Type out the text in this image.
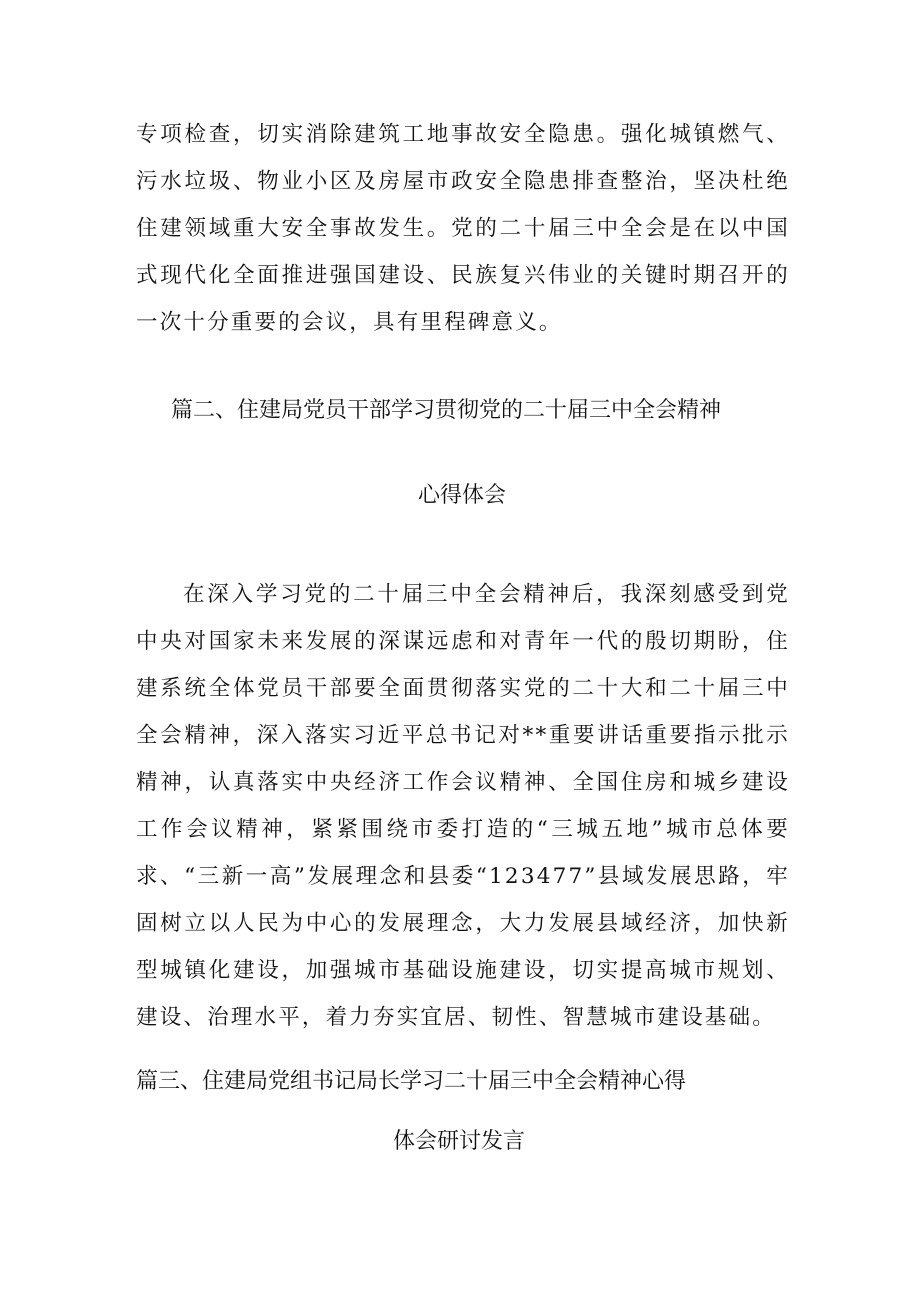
专项检查，切实消除建筑工地事故安全隐患。强化城镇燃气、污水垃圾、物业小区及房屋市政安全隐患排查整治，坚决杜绝住建领域重大安全事故发生。党的二十届三中全会是在以中国式现代化全面推进强国建设、民族复兴伟业的关键时期召开的一次十分重要的会议，具有里程碑意义。

篇二、住建局党员干部学习贯彻党的二十届三中全会精神
心得体会

在深入学习党的二十届三中全会精神后，我深刻感受到党中央对国家未来发展的深谋远虑和对青年一代的殷切期盼，住建系统全体党员干部要全面贯彻落实党的二十大和二十届三中全会精神，深入落实习近平总书记对**重要讲话重要指示批示精神，认真落实中央经济工作会议精神、全国住房和城乡建设工作会议精神，紧紧围绕市委打造的“三城五地”城市总体要求、“三新一高”发展理念和县委“123477”县域发展思路，牢固树立以人民为中心的发展理念，大力发展县域经济，加快新型城镇化建设，加强城市基础设施建设，切实提高城市规划、建设、治理水平，着力夯实宜居、韧性、智慧城市建设基础。

篇三、住建局党组书记局长学习二十届三中全会精神心得
体会研讨发言
